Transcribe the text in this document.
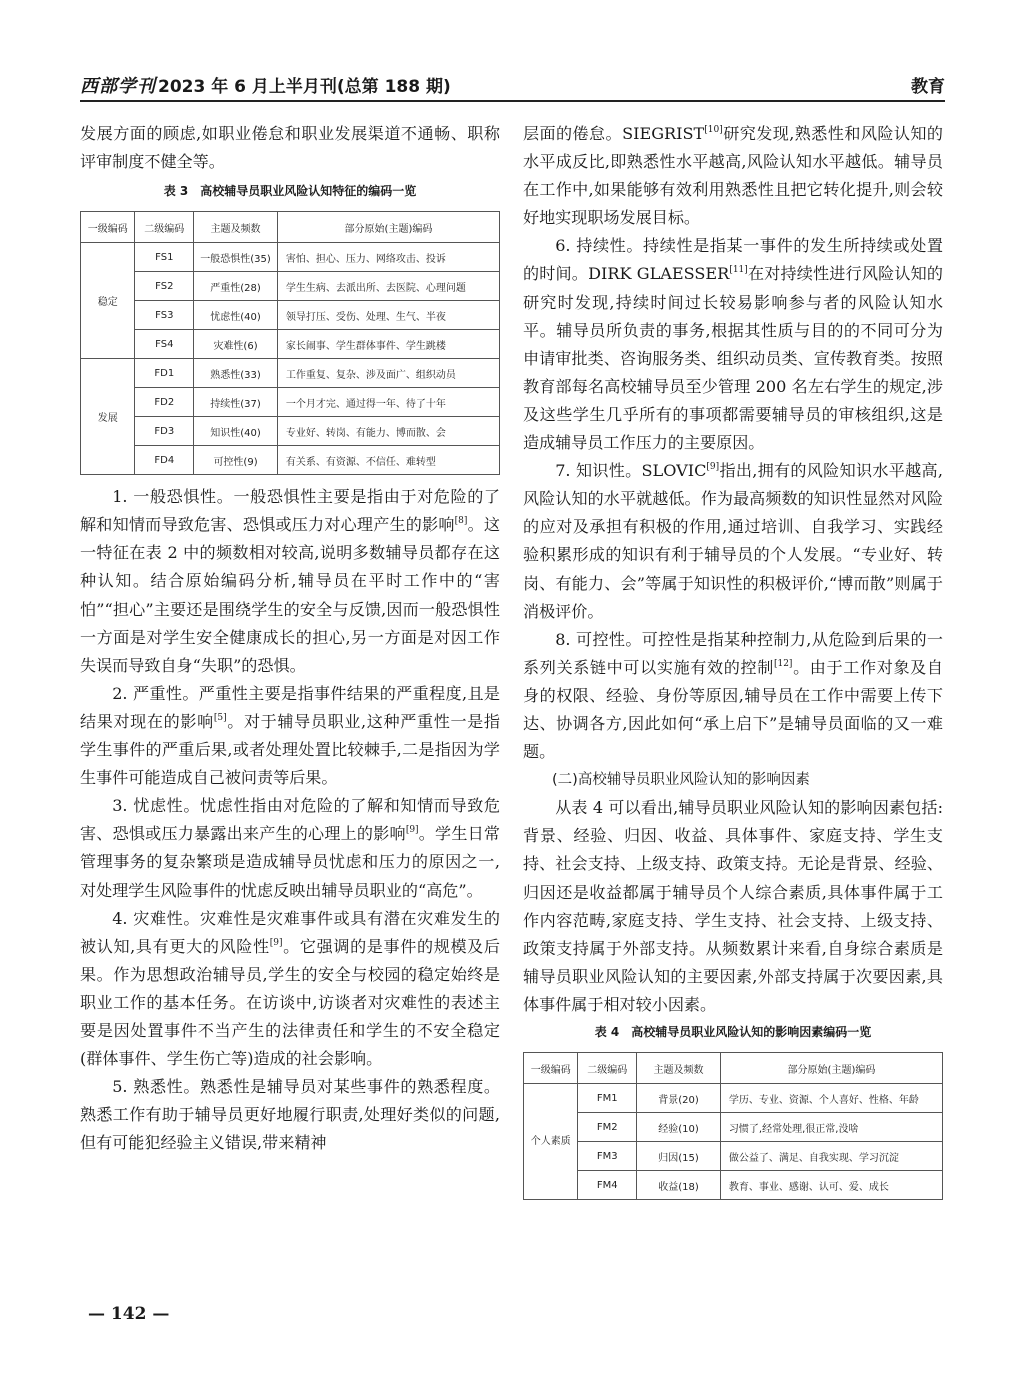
西部学刊 2023 年 6 月上半月刊(总第 188 期)	教育

发展方面的顾虑,如职业倦怠和职业发展渠道不通畅、职称评审制度不健全等。

表 3　高校辅导员职业风险认知特征的编码一览
一级编码	二级编码	主题及频数	部分原始(主题)编码
稳定	FS1	一般恐惧性(35)	害怕、担心、压力、网络攻击、投诉
	FS2	严重性(28)	学生生病、去派出所、去医院、心理问题
	FS3	忧虑性(40)	领导打压、受伤、处理、生气、半夜
	FS4	灾难性(6)	家长闹事、学生群体事件、学生跳楼
发展	FD1	熟悉性(33)	工作重复、复杂、涉及面广、组织动员
	FD2	持续性(37)	一个月才完、通过得一年、待了十年
	FD3	知识性(40)	专业好、转岗、有能力、博而散、会
	FD4	可控性(9)	有关系、有资源、不信任、难转型

1. 一般恐惧性。一般恐惧性主要是指由于对危险的了解和知情而导致危害、恐惧或压力对心理产生的影响[8]。这一特征在表 2 中的频数相对较高,说明多数辅导员都存在这种认知。结合原始编码分析,辅导员在平时工作中的“害怕”“担心”主要还是围绕学生的安全与反馈,因而一般恐惧性一方面是对学生安全健康成长的担心,另一方面是对因工作失误而导致自身“失职”的恐惧。

2. 严重性。严重性主要是指事件结果的严重程度,且是结果对现在的影响[5]。对于辅导员职业,这种严重性一是指学生事件的严重后果,或者处理处置比较棘手,二是指因为学生事件可能造成自己被问责等后果。

3. 忧虑性。忧虑性指由对危险的了解和知情而导致危害、恐惧或压力暴露出来产生的心理上的影响[9]。学生日常管理事务的复杂繁琐是造成辅导员忧虑和压力的原因之一,对处理学生风险事件的忧虑反映出辅导员职业的“高危”。

4. 灾难性。灾难性是灾难事件或具有潜在灾难发生的被认知,具有更大的风险性[9]。它强调的是事件的规模及后果。作为思想政治辅导员,学生的安全与校园的稳定始终是职业工作的基本任务。在访谈中,访谈者对灾难性的表述主要是因处置事件不当产生的法律责任和学生的不安全稳定(群体事件、学生伤亡等)造成的社会影响。

5. 熟悉性。熟悉性是辅导员对某些事件的熟悉程度。熟悉工作有助于辅导员更好地履行职责,处理好类似的问题,但有可能犯经验主义错误,带来精神

层面的倦怠。SIEGRIST[10]研究发现,熟悉性和风险认知的水平成反比,即熟悉性水平越高,风险认知水平越低。辅导员在工作中,如果能够有效利用熟悉性且把它转化提升,则会较好地实现职场发展目标。

6. 持续性。持续性是指某一事件的发生所持续或处置的时间。DIRK GLAESSER[11]在对持续性进行风险认知的研究时发现,持续时间过长较易影响参与者的风险认知水平。辅导员所负责的事务,根据其性质与目的的不同可分为申请审批类、咨询服务类、组织动员类、宣传教育类。按照教育部每名高校辅导员至少管理 200 名左右学生的规定,涉及这些学生几乎所有的事项都需要辅导员的审核组织,这是造成辅导员工作压力的主要原因。

7. 知识性。SLOVIC[9]指出,拥有的风险知识水平越高,风险认知的水平就越低。作为最高频数的知识性显然对风险的应对及承担有积极的作用,通过培训、自我学习、实践经验积累形成的知识有利于辅导员的个人发展。“专业好、转岗、有能力、会”等属于知识性的积极评价,“博而散”则属于消极评价。

8. 可控性。可控性是指某种控制力,从危险到后果的一系列关系链中可以实施有效的控制[12]。由于工作对象及自身的权限、经验、身份等原因,辅导员在工作中需要上传下达、协调各方,因此如何“承上启下”是辅导员面临的又一难题。

(二)高校辅导员职业风险认知的影响因素

从表 4 可以看出,辅导员职业风险认知的影响因素包括:背景、经验、归因、收益、具体事件、家庭支持、学生支持、社会支持、上级支持、政策支持。无论是背景、经验、归因还是收益都属于辅导员个人综合素质,具体事件属于工作内容范畴,家庭支持、学生支持、社会支持、上级支持、政策支持属于外部支持。从频数累计来看,自身综合素质是辅导员职业风险认知的主要因素,外部支持属于次要因素,具体事件属于相对较小因素。

表 4　高校辅导员职业风险认知的影响因素编码一览
一级编码	二级编码	主题及频数	部分原始(主题)编码
个人素质	FM1	背景(20)	学历、专业、资源、个人喜好、性格、年龄
	FM2	经验(10)	习惯了,经常处理,很正常,没啥
	FM3	归因(15)	做公益了、满足、自我实现、学习沉淀
	FM4	收益(18)	教育、事业、感谢、认可、爱、成长
— 142 —
